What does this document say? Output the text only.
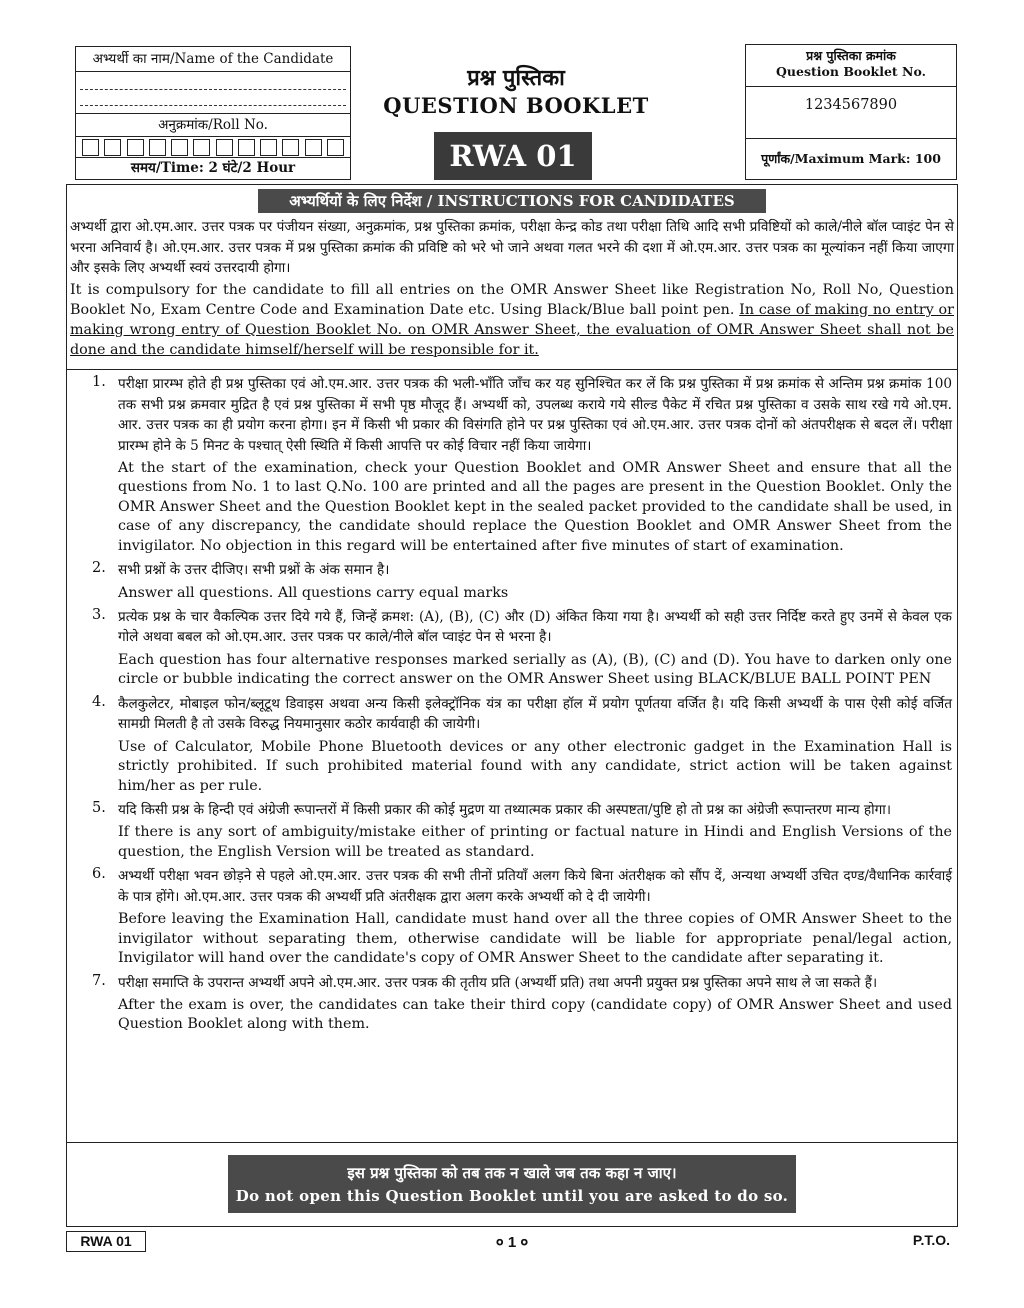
अभ्यर्थी का नाम/Name of the Candidate
अनुक्रमांक/Roll No.
समय/Time: 2 घंटे/2 Hour
प्रश्न पुस्तिका
QUESTION BOOKLET
RWA 01
प्रश्न पुस्तिका क्रमांक
Question Booklet No.
1234567890
पूर्णांक/Maximum Mark: 100
अभ्यर्थियों के लिए निर्देश / INSTRUCTIONS FOR CANDIDATES

अभ्यर्थी द्वारा ओ.एम.आर. उत्तर पत्रक पर पंजीयन संख्या, अनुक्रमांक, प्रश्न पुस्तिका क्रमांक, परीक्षा केन्द्र कोड तथा परीक्षा तिथि आदि सभी प्रविष्टियों को काले/नीले बॉल प्वाइंट पेन से भरना अनिवार्य है। ओ.एम.आर. उत्तर पत्रक में प्रश्न पुस्तिका क्रमांक की प्रविष्टि को भरे भो जाने अथवा गलत भरने की दशा में ओ.एम.आर. उत्तर पत्रक का मूल्यांकन नहीं किया जाएगा और इसके लिए अभ्यर्थी स्वयं उत्तरदायी होगा।

It is compulsory for the candidate to fill all entries on the OMR Answer Sheet like Registration No, Roll No, Question Booklet No, Exam Centre Code and Examination Date etc. Using Black/Blue ball point pen. In case of making no entry or making wrong entry of Question Booklet No. on OMR Answer Sheet, the evaluation of OMR Answer Sheet shall not be done and the candidate himself/herself will be responsible for it.

1. परीक्षा प्रारम्भ होते ही प्रश्न पुस्तिका एवं ओ.एम.आर. उत्तर पत्रक की भली-भाँति जाँच कर यह सुनिश्चित कर लें कि प्रश्न पुस्तिका में प्रश्न क्रमांक से अन्तिम प्रश्न क्रमांक 100 तक सभी प्रश्न क्रमवार मुद्रित है एवं प्रश्न पुस्तिका में सभी पृष्ठ मौजूद हैं। अभ्यर्थी को, उपलब्ध कराये गये सील्ड पैकेट में रचित प्रश्न पुस्तिका व उसके साथ रखे गये ओ.एम. आर. उत्तर पत्रक का ही प्रयोग करना होगा। इन में किसी भी प्रकार की विसंगति होने पर प्रश्न पुस्तिका एवं ओ.एम.आर. उत्तर पत्रक दोनों को अंतपरीक्षक से बदल लें। परीक्षा प्रारम्भ होने के 5 मिनट के पश्चात् ऐसी स्थिति में किसी आपत्ति पर कोई विचार नहीं किया जायेगा।

At the start of the examination, check your Question Booklet and OMR Answer Sheet and ensure that all the questions from No. 1 to last Q.No. 100 are printed and all the pages are present in the Question Booklet. Only the OMR Answer Sheet and the Question Booklet kept in the sealed packet provided to the candidate shall be used, in case of any discrepancy, the candidate should replace the Question Booklet and OMR Answer Sheet from the invigilator. No objection in this regard will be entertained after five minutes of start of examination.

2. सभी प्रश्नों के उत्तर दीजिए। सभी प्रश्नों के अंक समान है।

Answer all questions. All questions carry equal marks

3. प्रत्येक प्रश्न के चार वैकल्पिक उत्तर दिये गये हैं, जिन्हें क्रमश: (A), (B), (C) और (D) अंकित किया गया है। अभ्यर्थी को सही उत्तर निर्दिष्ट करते हुए उनमें से केवल एक गोले अथवा बबल को ओ.एम.आर. उत्तर पत्रक पर काले/नीले बॉल प्वाइंट पेन से भरना है।

Each question has four alternative responses marked serially as (A), (B), (C) and (D). You have to darken only one circle or bubble indicating the correct answer on the OMR Answer Sheet using BLACK/BLUE BALL POINT PEN

4. कैलकुलेटर, मोबाइल फोन/ब्लूटूथ डिवाइस अथवा अन्य किसी इलेक्ट्रॉनिक यंत्र का परीक्षा हॉल में प्रयोग पूर्णतया वर्जित है। यदि किसी अभ्यर्थी के पास ऐसी कोई वर्जित सामग्री मिलती है तो उसके विरुद्ध नियमानुसार कठोर कार्यवाही की जायेगी।

Use of Calculator, Mobile Phone Bluetooth devices or any other electronic gadget in the Examination Hall is strictly prohibited. If such prohibited material found with any candidate, strict action will be taken against him/her as per rule.

5. यदि किसी प्रश्न के हिन्दी एवं अंग्रेजी रूपान्तरों में किसी प्रकार की कोई मुद्रण या तथ्यात्मक प्रकार की अस्पष्टता/पुष्टि हो तो प्रश्न का अंग्रेजी रूपान्तरण मान्य होगा।

If there is any sort of ambiguity/mistake either of printing or factual nature in Hindi and English Versions of the question, the English Version will be treated as standard.

6. अभ्यर्थी परीक्षा भवन छोड़ने से पहले ओ.एम.आर. उत्तर पत्रक की सभी तीनों प्रतियाँ अलग किये बिना अंतरीक्षक को सौंप दें, अन्यथा अभ्यर्थी उचित दण्ड/वैधानिक कार्रवाई के पात्र होंगे। ओ.एम.आर. उत्तर पत्रक की अभ्यर्थी प्रति अंतरीक्षक द्वारा अलग करके अभ्यर्थी को दे दी जायेगी।

Before leaving the Examination Hall, candidate must hand over all the three copies of OMR Answer Sheet to the invigilator without separating them, otherwise candidate will be liable for appropriate penal/legal action, Invigilator will hand over the candidate's copy of OMR Answer Sheet to the candidate after separating it.

7. परीक्षा समाप्ति के उपरान्त अभ्यर्थी अपने ओ.एम.आर. उत्तर पत्रक की तृतीय प्रति (अभ्यर्थी प्रति) तथा अपनी प्रयुक्त प्रश्न पुस्तिका अपने साथ ले जा सकते हैं।

After the exam is over, the candidates can take their third copy (candidate copy) of OMR Answer Sheet and used Question Booklet along with them.

इस प्रश्न पुस्तिका को तब तक न खाले जब तक कहा न जाए।
Do not open this Question Booklet until you are asked to do so.
RWA 01	० 1 ०	P.T.O.
